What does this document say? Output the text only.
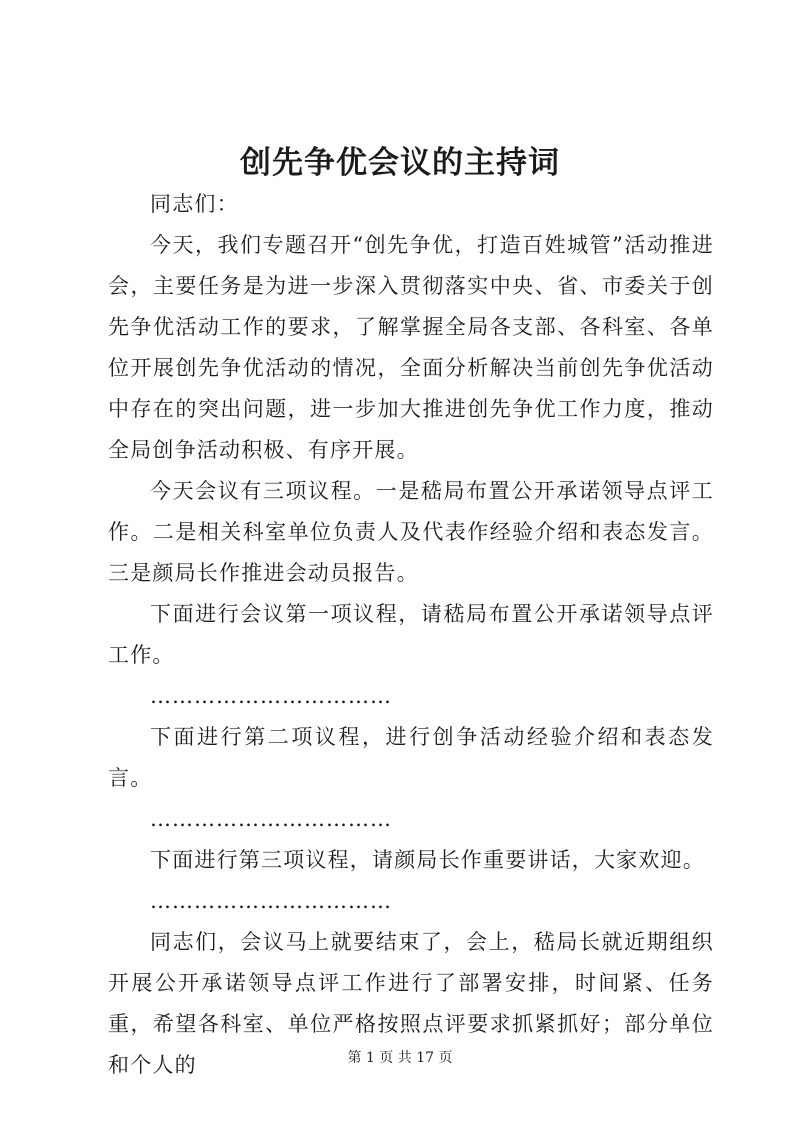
创先争优会议的主持词

同志们：

今天，我们专题召开“创先争优，打造百姓城管”活动推进会，主要任务是为进一步深入贯彻落实中央、省、市委关于创先争优活动工作的要求，了解掌握全局各支部、各科室、各单位开展创先争优活动的情况，全面分析解决当前创先争优活动中存在的突出问题，进一步加大推进创先争优工作力度，推动全局创争活动积极、有序开展。

今天会议有三项议程。一是嵇局布置公开承诺领导点评工作。二是相关科室单位负责人及代表作经验介绍和表态发言。三是颜局长作推进会动员报告。

下面进行会议第一项议程，请嵇局布置公开承诺领导点评工作。

……………………………

下面进行第二项议程，进行创争活动经验介绍和表态发言。

……………………………

下面进行第三项议程，请颜局长作重要讲话，大家欢迎。

……………………………

同志们，会议马上就要结束了，会上，嵇局长就近期组织开展公开承诺领导点评工作进行了部署安排，时间紧、任务重，希望各科室、单位严格按照点评要求抓紧抓好；部分单位和个人的	第 1 页 共 17 页
